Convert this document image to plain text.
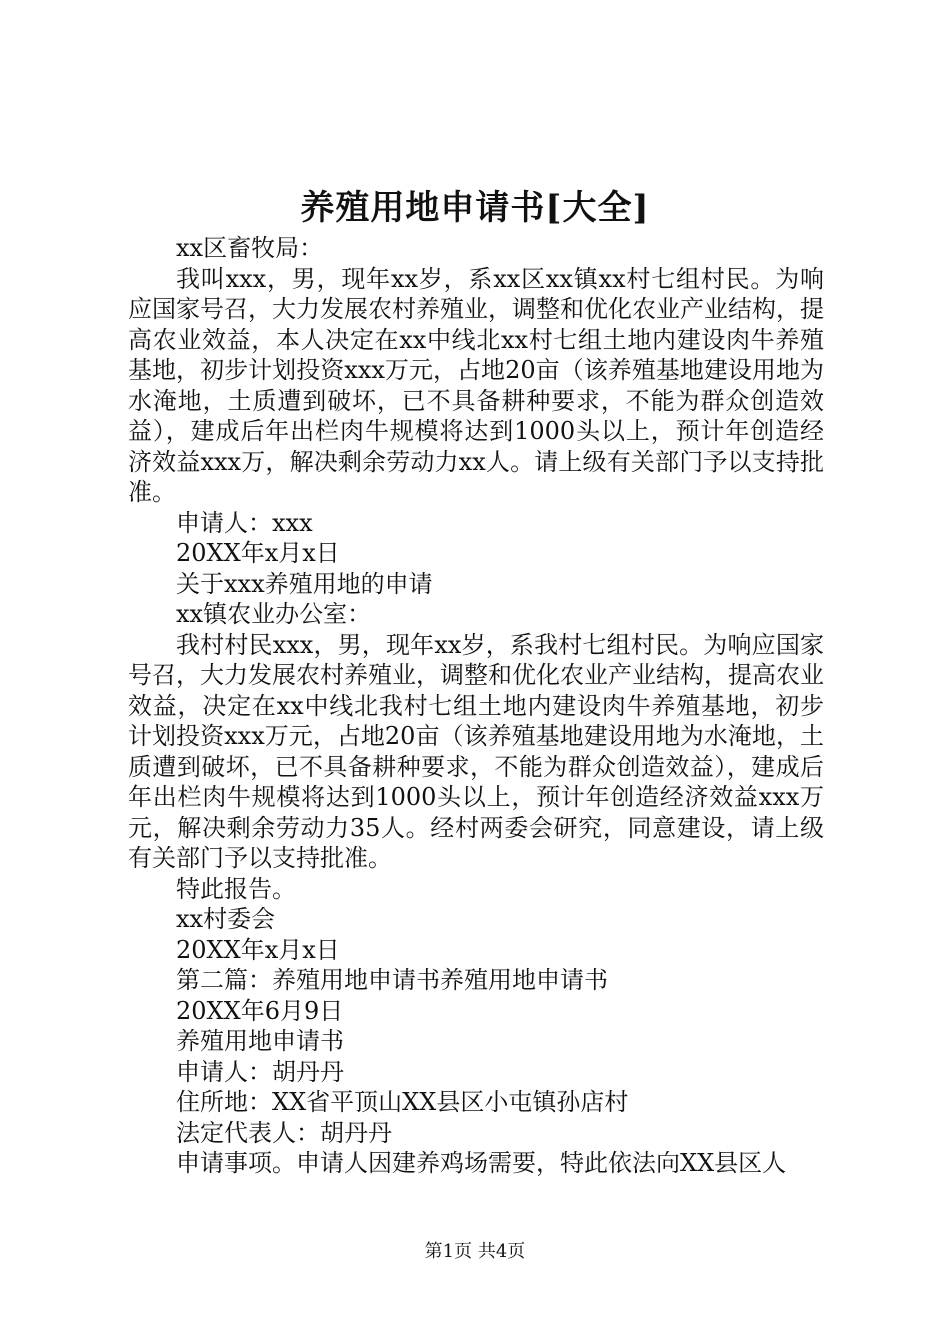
养殖用地申请书[大全]
xx区畜牧局：

我叫xxx，男，现年xx岁，系xx区xx镇xx村七组村民。为响应国家号召，大力发展农村养殖业，调整和优化农业产业结构，提高农业效益，本人决定在xx中线北xx村七组土地内建设肉牛养殖基地，初步计划投资xxx万元，占地20亩（该养殖基地建设用地为水淹地，土质遭到破坏，已不具备耕种要求，不能为群众创造效益），建成后年出栏肉牛规模将达到1000头以上，预计年创造经济效益xxx万，解决剩余劳动力xx人。请上级有关部门予以支持批准。

申请人：xxx
20XX年x月x日
关于xxx养殖用地的申请
xx镇农业办公室：

我村村民xxx，男，现年xx岁，系我村七组村民。为响应国家号召，大力发展农村养殖业，调整和优化农业产业结构，提高农业效益，决定在xx中线北我村七组土地内建设肉牛养殖基地，初步计划投资xxx万元，占地20亩（该养殖基地建设用地为水淹地，土质遭到破坏，已不具备耕种要求，不能为群众创造效益），建成后年出栏肉牛规模将达到1000头以上，预计年创造经济效益xxx万元，解决剩余劳动力35人。经村两委会研究，同意建设，请上级有关部门予以支持批准。

特此报告。
xx村委会
20XX年x月x日
第二篇：养殖用地申请书养殖用地申请书
20XX年6月9日
养殖用地申请书
申请人：胡丹丹
住所地：XX省平顶山XX县区小屯镇孙店村
法定代表人：胡丹丹
申请事项。申请人因建养鸡场需要，特此依法向XX县区人
第1页 共4页
